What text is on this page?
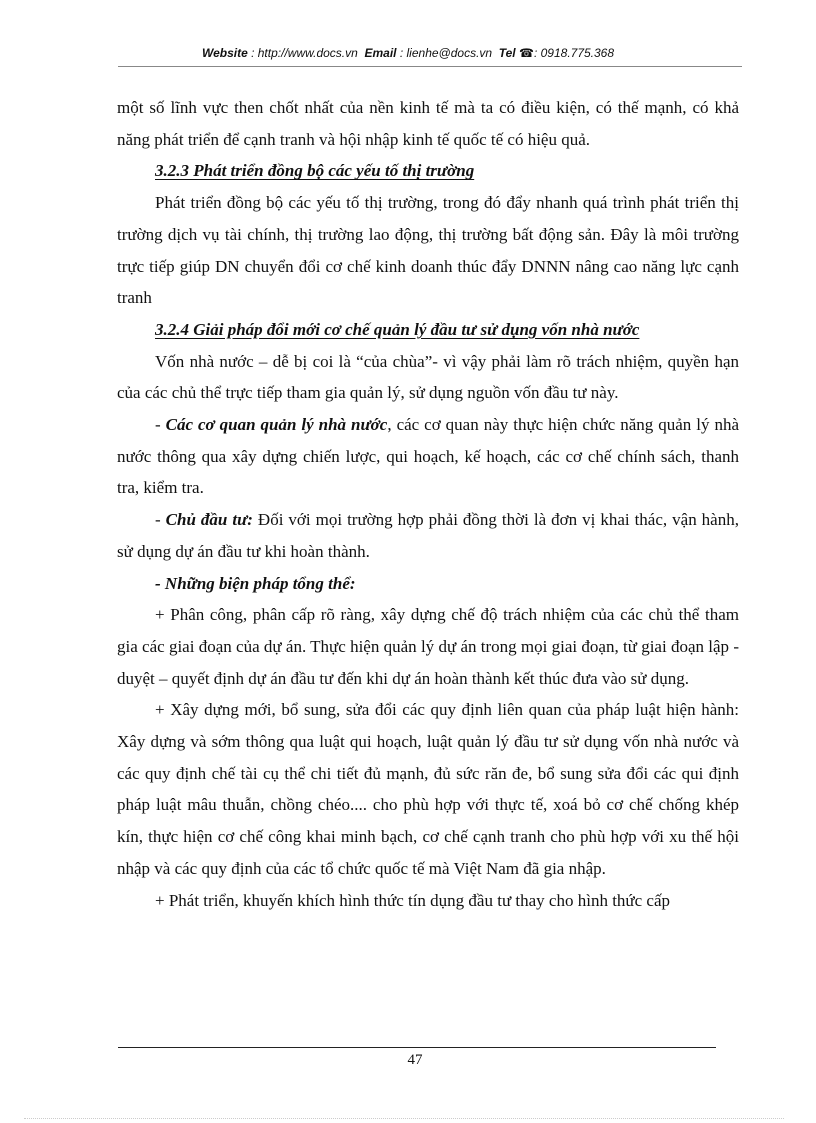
Website : http://www.docs.vn Email : lienhe@docs.vn Tel ☎: 0918.775.368

một số lĩnh vực then chốt nhất của nền kinh tế mà ta có điều kiện, có thế mạnh, có khả năng phát triển để cạnh tranh và hội nhập kinh tế quốc tế có hiệu quả.

3.2.3 Phát triển đồng bộ các yếu tố thị trường

Phát triển đồng bộ các yếu tố thị trường, trong đó đẩy nhanh quá trình phát triển thị trường dịch vụ tài chính, thị trường lao động, thị trường bất động sản. Đây là môi trường trực tiếp giúp DN chuyển đổi cơ chế kinh doanh thúc đẩy DNNN nâng cao năng lực cạnh tranh

3.2.4 Giải pháp đổi mới cơ chế quản lý đầu tư sử dụng vốn nhà nước

Vốn nhà nước – dễ bị coi là “của chùa”- vì vậy phải làm rõ trách nhiệm, quyền hạn của các chủ thể trực tiếp tham gia quản lý, sử dụng nguồn vốn đầu tư này.

- Các cơ quan quản lý nhà nước, các cơ quan này thực hiện chức năng quản lý nhà nước thông qua xây dựng chiến lược, qui hoạch, kế hoạch, các cơ chế chính sách, thanh tra, kiểm tra.

- Chủ đầu tư: Đối với mọi trường hợp phải đồng thời là đơn vị khai thác, vận hành, sử dụng dự án đầu tư khi hoàn thành.

- Những biện pháp tổng thể:

+ Phân công, phân cấp rõ ràng, xây dựng chế độ trách nhiệm của các chủ thể tham gia các giai đoạn của dự án. Thực hiện quản lý dự án trong mọi giai đoạn, từ giai đoạn lập - duyệt – quyết định dự án đầu tư đến khi dự án hoàn thành kết thúc đưa vào sử dụng.

+ Xây dựng mới, bổ sung, sửa đổi các quy định liên quan của pháp luật hiện hành: Xây dựng và sớm thông qua luật qui hoạch, luật quản lý đầu tư sử dụng vốn nhà nước và các quy định chế tài cụ thể chi tiết đủ mạnh, đủ sức răn đe, bổ sung sửa đổi các qui định pháp luật mâu thuẫn, chồng chéo.... cho phù hợp với thực tế, xoá bỏ cơ chế chống khép kín, thực hiện cơ chế công khai minh bạch, cơ chế cạnh tranh cho phù hợp với xu thế hội nhập và các quy định của các tổ chức quốc tế mà Việt Nam đã gia nhập.

+ Phát triển, khuyến khích hình thức tín dụng đầu tư thay cho hình thức cấp

47
